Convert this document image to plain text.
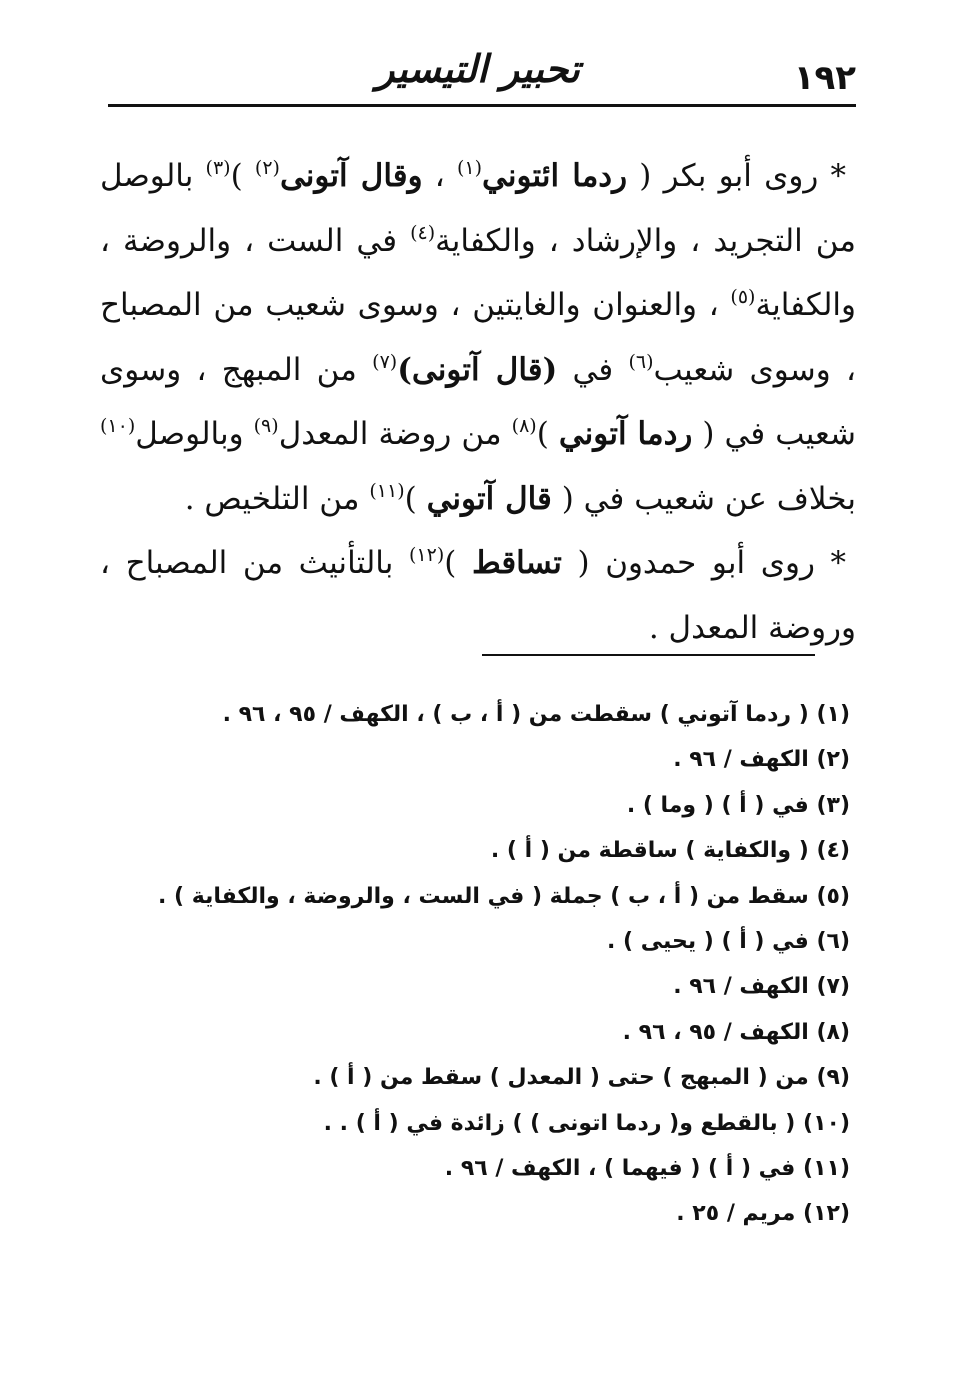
١٩٢
تحبير التيسير

* روى أبو بكر ( ردما ائتوني$^{(١)}$ ، وقال آتونى$^{(٢)}$ )$^{(٣)}$ بالوصل من التجريد ، والإرشاد ، والكفاية$^{(٤)}$ في الست ، والروضة ، والكفاية$^{(٥)}$ ، والعنوان والغايتين ، وسوى شعيب من المصباح ، وسوى شعيب$^{(٦)}$ في (قال آتونى)$^{(٧)}$ من المبهج ، وسوى شعيب في ( ردما آتوني )$^{(٨)}$ من روضة المعدل$^{(٩)}$ وبالوصل$^{(١٠)}$ بخلاف عن شعيب في ( قال آتوني )$^{(١١)}$ من التلخيص .

* روى أبو حمدون ( تساقط )$^{(١٢)}$ بالتأنيث من المصباح ، وروضة المعدل .

(١) ( ردما آتوني ) سقطت من ( أ ، ب ) ، الكهف / ٩٥ ، ٩٦ .
(٢) الكهف / ٩٦ .
(٣) في ( أ ) ( وما ) .
(٤) ( والكفاية ) ساقطة من ( أ ) .
(٥) سقط من ( أ ، ب ) جملة ( في الست ، والروضة ، والكفاية ) .
(٦) في ( أ ) ( يحيى ) .
(٧) الكهف / ٩٦ .
(٨) الكهف / ٩٥ ، ٩٦ .
(٩) من ( المبهج ) حتى ( المعدل ) سقط من ( أ ) .
(١٠) ( بالقطع و( ردما اتونى ) ) زائدة في ( أ ) . .
(١١) في ( أ ) ( فيهما ) ، الكهف / ٩٦ .
(١٢) مريم / ٢٥ .
